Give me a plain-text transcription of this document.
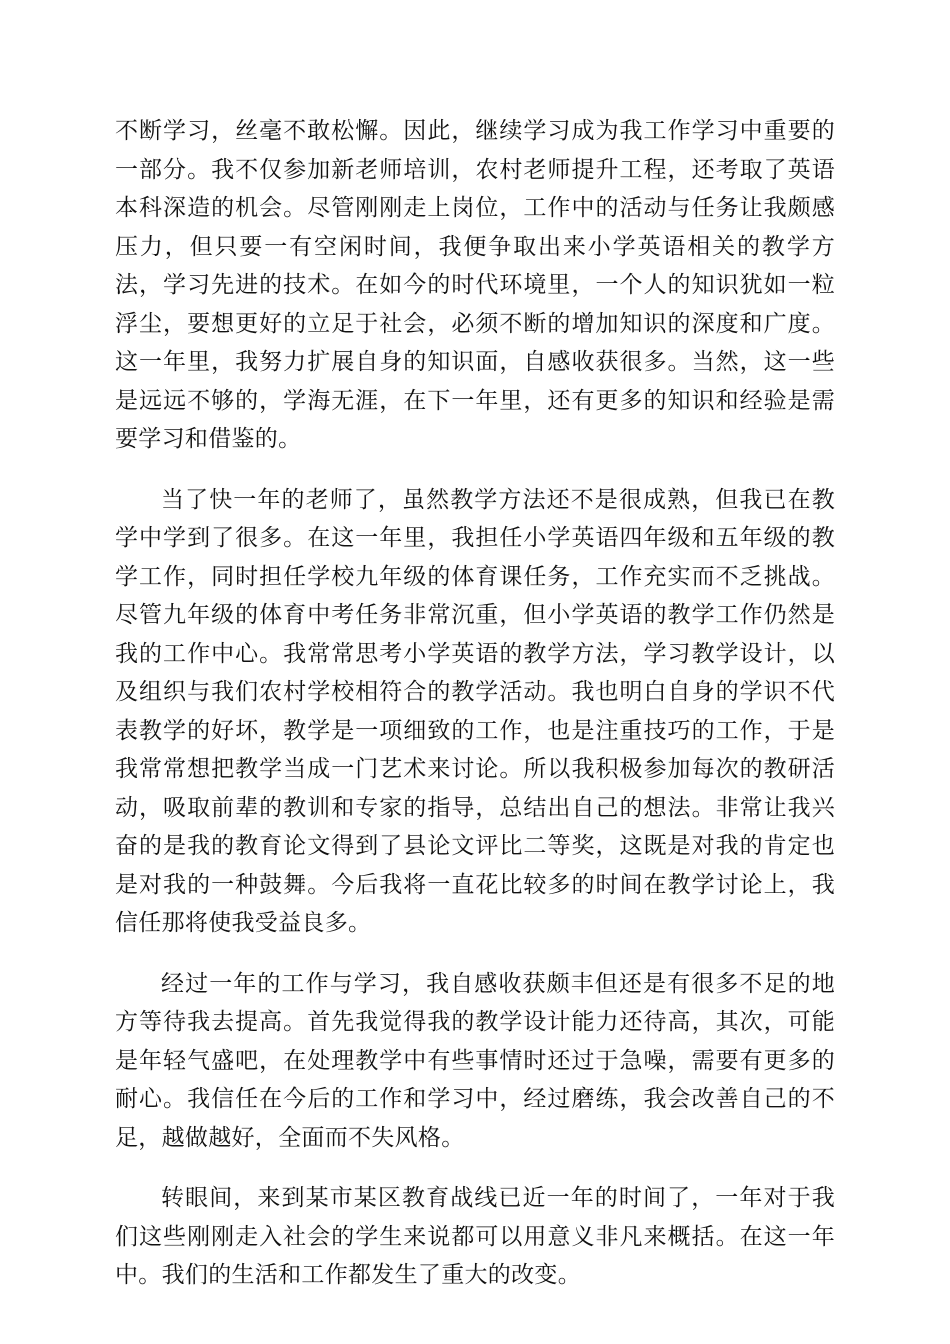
不断学习，丝毫不敢松懈。因此，继续学习成为我工作学习中重要的一部分。我不仅参加新老师培训，农村老师提升工程，还考取了英语本科深造的机会。尽管刚刚走上岗位，工作中的活动与任务让我颇感压力，但只要一有空闲时间，我便争取出来小学英语相关的教学方法，学习先进的技术。在如今的时代环境里，一个人的知识犹如一粒浮尘，要想更好的立足于社会，必须不断的增加知识的深度和广度。这一年里，我努力扩展自身的知识面，自感收获很多。当然，这一些是远远不够的，学海无涯，在下一年里，还有更多的知识和经验是需要学习和借鉴的。

当了快一年的老师了，虽然教学方法还不是很成熟，但我已在教学中学到了很多。在这一年里，我担任小学英语四年级和五年级的教学工作，同时担任学校九年级的体育课任务，工作充实而不乏挑战。尽管九年级的体育中考任务非常沉重，但小学英语的教学工作仍然是我的工作中心。我常常思考小学英语的教学方法，学习教学设计，以及组织与我们农村学校相符合的教学活动。我也明白自身的学识不代表教学的好坏，教学是一项细致的工作，也是注重技巧的工作，于是我常常想把教学当成一门艺术来讨论。所以我积极参加每次的教研活动，吸取前辈的教训和专家的指导，总结出自己的想法。非常让我兴奋的是我的教育论文得到了县论文评比二等奖，这既是对我的肯定也是对我的一种鼓舞。今后我将一直花比较多的时间在教学讨论上，我信任那将使我受益良多。

经过一年的工作与学习，我自感收获颇丰但还是有很多不足的地方等待我去提高。首先我觉得我的教学设计能力还待高，其次，可能是年轻气盛吧，在处理教学中有些事情时还过于急噪，需要有更多的耐心。我信任在今后的工作和学习中，经过磨练，我会改善自己的不足，越做越好，全面而不失风格。

转眼间，来到某市某区教育战线已近一年的时间了，一年对于我们这些刚刚走入社会的学生来说都可以用意义非凡来概括。在这一年中。我们的生活和工作都发生了重大的改变。
